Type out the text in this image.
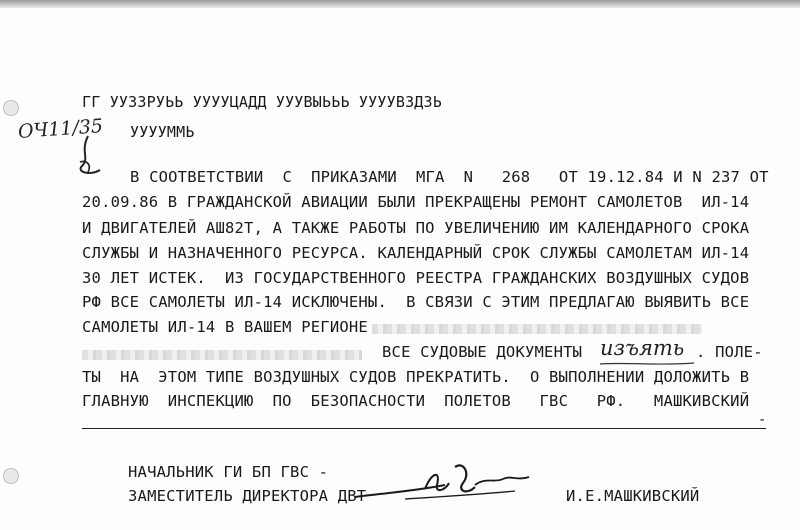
ГГ УУЗЗРУЬЬ УУУУЦАДД УУУВЫЬЬЬ УУУУВЗДЗЬ
УУУУММЬ
ОЧ11/35
В СООТВЕТСТВИИ  С  ПРИКАЗАМИ  МГА  N   268   ОТ 19.12.84 И N 237 ОТ
20.09.86 В ГРАЖДАНСКОЙ АВИАЦИИ БЫЛИ ПРЕКРАЩЕНЫ РЕМОНТ САМОЛЕТОВ  ИЛ-14
И ДВИГАТЕЛЕЙ АШ82Т, А ТАКЖЕ РАБОТЫ ПО УВЕЛИЧЕНИЮ ИМ КАЛЕНДАРНОГО СРОКА
СЛУЖБЫ И НАЗНАЧЕННОГО РЕСУРСА. КАЛЕНДАРНЫЙ СРОК СЛУЖБЫ САМОЛЕТАМ ИЛ-14
30 ЛЕТ ИСТЕК.  ИЗ ГОСУДАРСТВЕННОГО РЕЕСТРА ГРАЖДАНСКИХ ВОЗДУШНЫХ СУДОВ
РФ ВСЕ САМОЛЕТЫ ИЛ-14 ИСКЛЮЧЕНЫ.  В СВЯЗИ С ЭТИМ ПРЕДЛАГАЮ ВЫЯВИТЬ ВСЕ
САМОЛЕТЫ ИЛ-14 В ВАШЕМ РЕГИОНЕ
ВСЕ СУДОВЫЕ ДОКУМЕНТЫ изъять . ПОЛЕ-
ТЫ  НА  ЭТОМ ТИПЕ ВОЗДУШНЫХ СУДОВ ПРЕКРАТИТЬ.  О ВЫПОЛНЕНИИ ДОЛОЖИТЬ В
ГЛАВНУЮ  ИНСПЕКЦИЮ  ПО  БЕЗОПАСНОСТИ  ПОЛЕТОВ   ГВС   РФ.   МАШКИВСКИЙ
-
НАЧАЛЬНИК ГИ БП ГВС -
ЗАМЕСТИТЕЛЬ ДИРЕКТОРА ДВТ	И.Е.МАШКИВСКИЙ
